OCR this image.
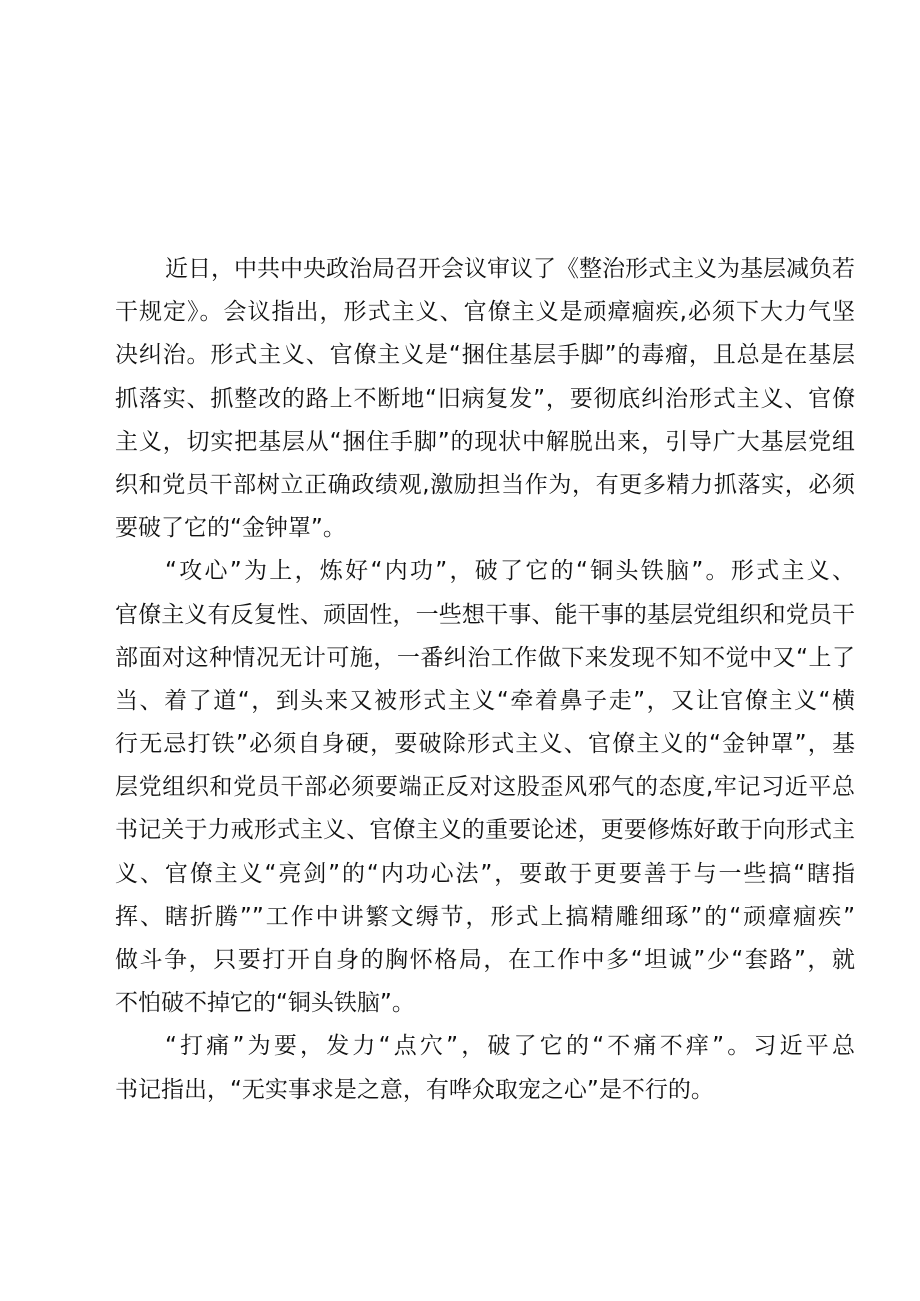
近日，中共中央政治局召开会议审议了《整治形式主义为基层减负若
干规定》。会议指出，形式主义、官僚主义是顽瘴痼疾,必须下大力气坚
决纠治。形式主义、官僚主义是“捆住基层手脚”的毒瘤，且总是在基层
抓落实、抓整改的路上不断地“旧病复发”，要彻底纠治形式主义、官僚
主义，切实把基层从“捆住手脚”的现状中解脱出来，引导广大基层党组
织和党员干部树立正确政绩观,激励担当作为，有更多精力抓落实，必须
要破了它的“金钟罩”。
“攻心”为上，炼好“内功”，破了它的“铜头铁脑”。形式主义、
官僚主义有反复性、顽固性，一些想干事、能干事的基层党组织和党员干
部面对这种情况无计可施，一番纠治工作做下来发现不知不觉中又“上了
当、着了道“，到头来又被形式主义“牵着鼻子走”，又让官僚主义“横
行无忌打铁”必须自身硬，要破除形式主义、官僚主义的“金钟罩”，基
层党组织和党员干部必须要端正反对这股歪风邪气的态度,牢记习近平总
书记关于力戒形式主义、官僚主义的重要论述，更要修炼好敢于向形式主
义、官僚主义“亮剑”的“内功心法”，要敢于更要善于与一些搞“瞎指
挥、瞎折腾””工作中讲繁文缛节，形式上搞精雕细琢”的“顽瘴痼疾”
做斗争，只要打开自身的胸怀格局，在工作中多“坦诚”少“套路”，就
不怕破不掉它的“铜头铁脑”。
“打痛”为要，发力“点穴”，破了它的“不痛不痒”。习近平总
书记指出，“无实事求是之意，有哗众取宠之心”是不行的。
